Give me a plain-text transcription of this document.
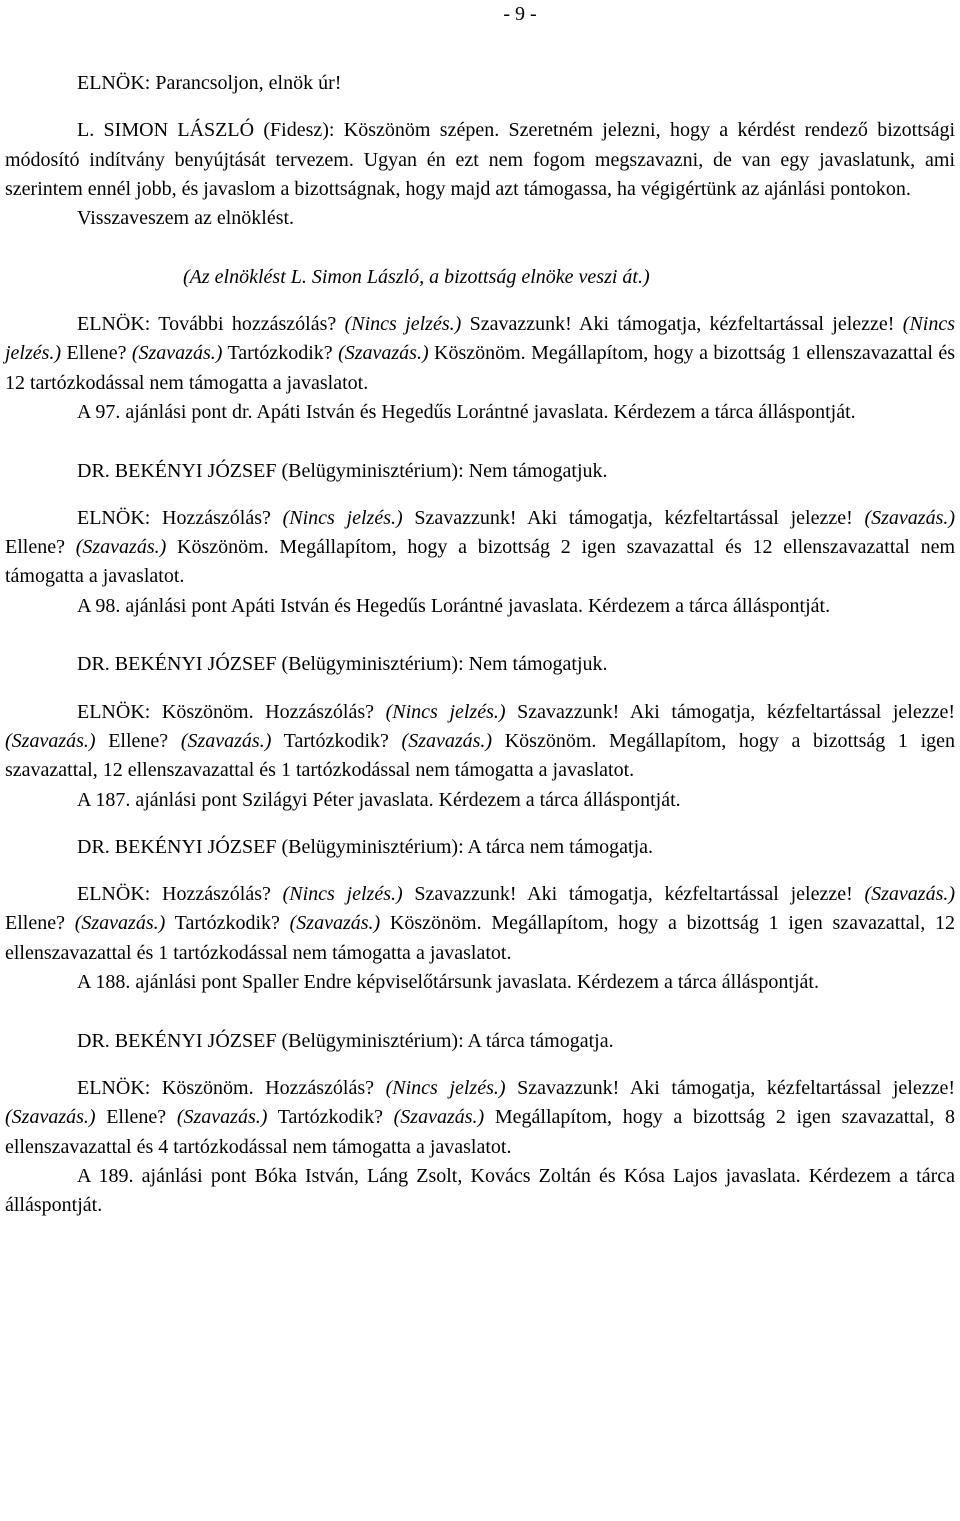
- 9 -

ELNÖK: Parancsoljon, elnök úr!

L. SIMON LÁSZLÓ (Fidesz): Köszönöm szépen. Szeretném jelezni, hogy a kérdést rendező bizottsági módosító indítvány benyújtását tervezem. Ugyan én ezt nem fogom megszavazni, de van egy javaslatunk, ami szerintem ennél jobb, és javaslom a bizottságnak, hogy majd azt támogassa, ha végigértünk az ajánlási pontokon.

Visszaveszem az elnöklést.

(Az elnöklést L. Simon László, a bizottság elnöke veszi át.)

ELNÖK: További hozzászólás? (Nincs jelzés.) Szavazzunk! Aki támogatja, kézfeltartással jelezze! (Nincs jelzés.) Ellene? (Szavazás.) Tartózkodik? (Szavazás.) Köszönöm. Megállapítom, hogy a bizottság 1 ellenszavazattal és 12 tartózkodással nem támogatta a javaslatot.

A 97. ajánlási pont dr. Apáti István és Hegedűs Lorántné javaslata. Kérdezem a tárca álláspontját.

DR. BEKÉNYI JÓZSEF (Belügyminisztérium): Nem támogatjuk.

ELNÖK: Hozzászólás? (Nincs jelzés.) Szavazzunk! Aki támogatja, kézfeltartással jelezze! (Szavazás.) Ellene? (Szavazás.) Köszönöm. Megállapítom, hogy a bizottság 2 igen szavazattal és 12 ellenszavazattal nem támogatta a javaslatot.

A 98. ajánlási pont Apáti István és Hegedűs Lorántné javaslata. Kérdezem a tárca álláspontját.

DR. BEKÉNYI JÓZSEF (Belügyminisztérium): Nem támogatjuk.

ELNÖK: Köszönöm. Hozzászólás? (Nincs jelzés.) Szavazzunk! Aki támogatja, kézfeltartással jelezze! (Szavazás.) Ellene? (Szavazás.) Tartózkodik? (Szavazás.) Köszönöm. Megállapítom, hogy a bizottság 1 igen szavazattal, 12 ellenszavazattal és 1 tartózkodással nem támogatta a javaslatot.

A 187. ajánlási pont Szilágyi Péter javaslata. Kérdezem a tárca álláspontját.

DR. BEKÉNYI JÓZSEF (Belügyminisztérium): A tárca nem támogatja.

ELNÖK: Hozzászólás? (Nincs jelzés.) Szavazzunk! Aki támogatja, kézfeltartással jelezze! (Szavazás.) Ellene? (Szavazás.) Tartózkodik? (Szavazás.) Köszönöm. Megállapítom, hogy a bizottság 1 igen szavazattal, 12 ellenszavazattal és 1 tartózkodással nem támogatta a javaslatot.

A 188. ajánlási pont Spaller Endre képviselőtársunk javaslata. Kérdezem a tárca álláspontját.

DR. BEKÉNYI JÓZSEF (Belügyminisztérium): A tárca támogatja.

ELNÖK: Köszönöm. Hozzászólás? (Nincs jelzés.) Szavazzunk! Aki támogatja, kézfeltartással jelezze! (Szavazás.) Ellene? (Szavazás.) Tartózkodik? (Szavazás.) Megállapítom, hogy a bizottság 2 igen szavazattal, 8 ellenszavazattal és 4 tartózkodással nem támogatta a javaslatot.

A 189. ajánlási pont Bóka István, Láng Zsolt, Kovács Zoltán és Kósa Lajos javaslata. Kérdezem a tárca álláspontját.
